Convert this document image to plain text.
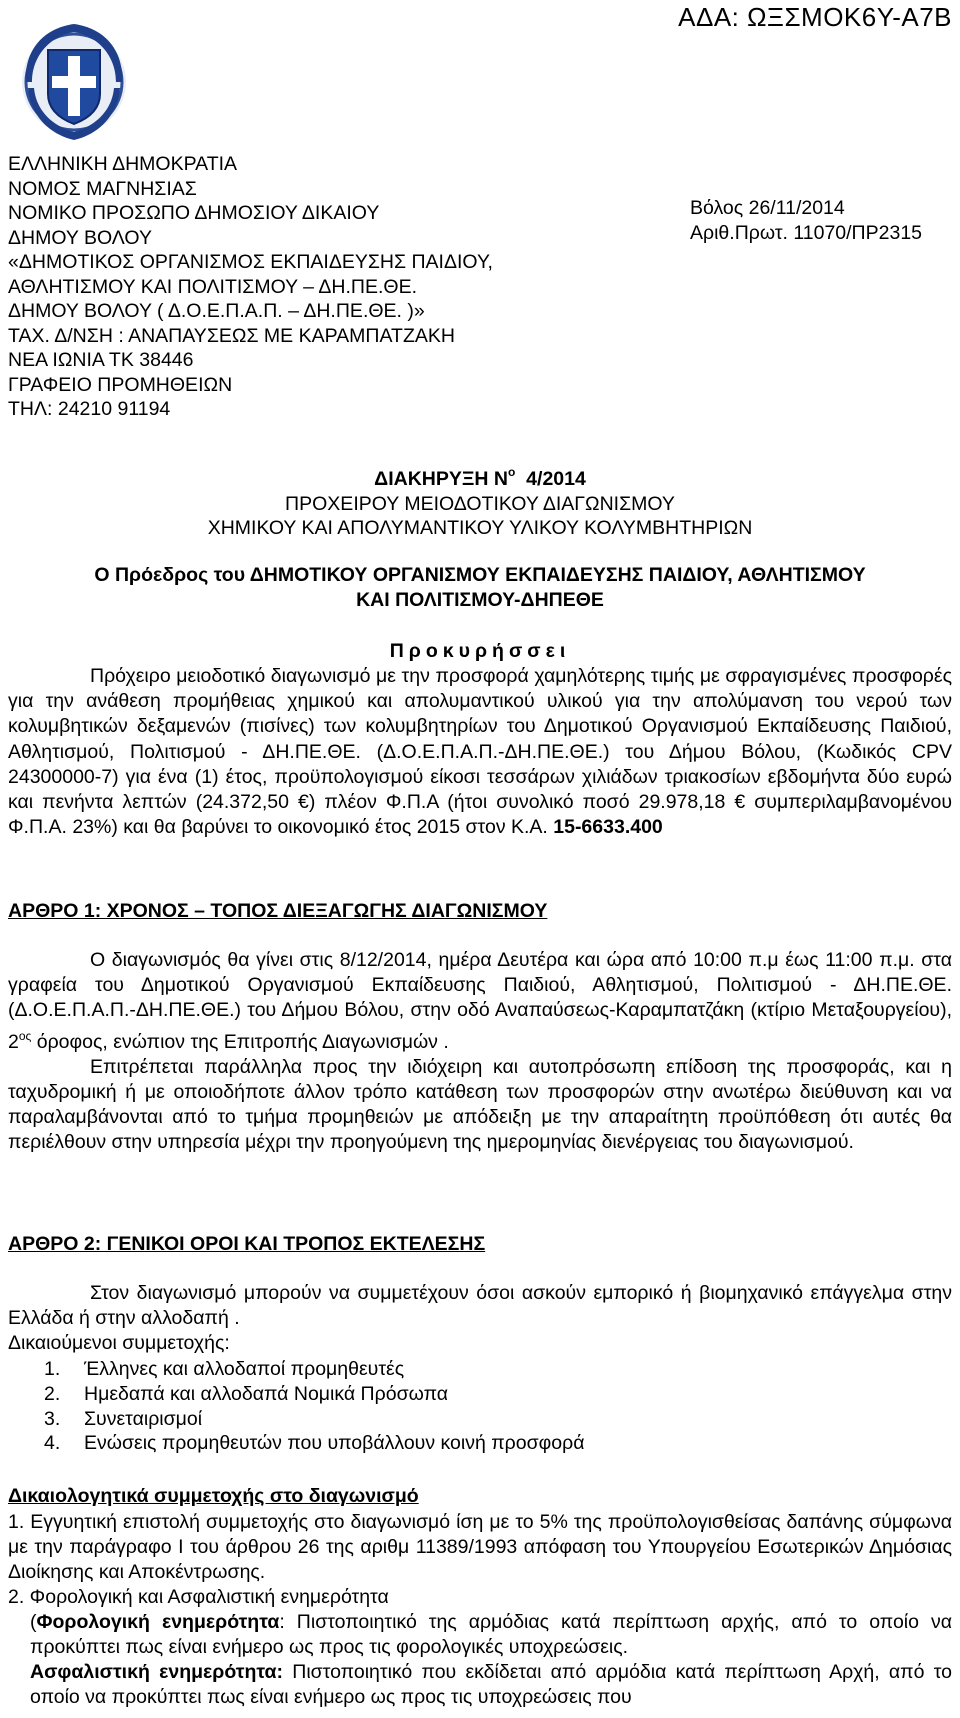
ΑΔΑ: ΩΞΣΜΟΚ6Υ-Α7Β
ΕΛΛΗΝΙΚΗ ΔΗΜΟΚΡΑΤΙΑ
ΝΟΜΟΣ ΜΑΓΝΗΣΙΑΣ
ΝΟΜΙΚΟ ΠΡΟΣΩΠΟ ΔΗΜΟΣΙΟΥ ΔΙΚΑΙΟΥ
ΔΗΜΟΥ ΒΟΛΟΥ
«ΔΗΜΟΤΙΚΟΣ ΟΡΓΑΝΙΣΜΟΣ ΕΚΠΑΙΔΕΥΣΗΣ ΠΑΙΔΙΟΥ,
ΑΘΛΗΤΙΣΜΟΥ ΚΑΙ ΠΟΛΙΤΙΣΜΟΥ – ΔΗ.ΠΕ.ΘΕ.
ΔΗΜΟΥ ΒΟΛΟΥ ( Δ.Ο.Ε.Π.Α.Π. – ΔΗ.ΠΕ.ΘΕ. )»
ΤΑΧ. Δ/ΝΣΗ : ΑΝΑΠΑΥΣΕΩΣ ΜΕ ΚΑΡΑΜΠΑΤΖΑΚΗ
ΝΕΑ ΙΩΝΙΑ ΤΚ 38446
ΓΡΑΦΕΙΟ ΠΡΟΜΗΘΕΙΩΝ
ΤΗΛ: 24210 91194
Βόλος 26/11/2014
Αριθ.Πρωτ. 11070/ΠΡ2315
ΔΙΑΚΗΡΥΞΗ $N^o$  4/2014
ΠΡΟΧΕΙΡΟΥ ΜΕΙΟΔΟΤΙΚΟΥ ΔΙΑΓΩΝΙΣΜΟΥ
ΧΗΜΙΚΟΥ ΚΑΙ ΑΠΟΛΥΜΑΝΤΙΚΟΥ ΥΛΙΚΟΥ ΚΟΛΥΜΒΗΤΗΡΙΩΝ
Ο Πρόεδρος του ΔΗΜΟΤΙΚΟΥ ΟΡΓΑΝΙΣΜΟΥ ΕΚΠΑΙΔΕΥΣΗΣ ΠΑΙΔΙΟΥ, ΑΘΛΗΤΙΣΜΟΥ
ΚΑΙ ΠΟΛΙΤΙΣΜΟΥ-ΔΗΠΕΘΕ
Προκυρήσσει

Πρόχειρο μειοδοτικό διαγωνισμό με την προσφορά χαμηλότερης τιμής με σφραγισμένες προσφορές για την ανάθεση προμήθειας χημικού και απολυμαντικού υλικού για την απολύμανση του νερού των κολυμβητικών δεξαμενών (πισίνες) των κολυμβητηρίων του Δημοτικού Οργανισμού Εκπαίδευσης Παιδιού, Αθλητισμού, Πολιτισμού - ΔΗ.ΠΕ.ΘΕ. (Δ.Ο.Ε.Π.Α.Π.-ΔΗ.ΠΕ.ΘΕ.) του Δήμου Βόλου, (Κωδικός CPV 24300000-7) για ένα (1) έτος, προϋπολογισμού είκοσι τεσσάρων χιλιάδων τριακοσίων εβδομήντα δύο ευρώ και πενήντα λεπτών (24.372,50 €) πλέον Φ.Π.Α (ήτοι συνολικό ποσό 29.978,18 € συμπεριλαμβανομένου Φ.Π.Α. 23%) και θα βαρύνει το οικονομικό έτος 2015 στον Κ.Α. 15-6633.400

ΑΡΘΡΟ 1: ΧΡΟΝΟΣ – ΤΟΠΟΣ ΔΙΕΞΑΓΩΓΗΣ ΔΙΑΓΩΝΙΣΜΟΥ

Ο διαγωνισμός θα γίνει στις 8/12/2014, ημέρα Δευτέρα και ώρα από 10:00 π.μ έως 11:00 π.μ. στα γραφεία του Δημοτικού Οργανισμού Εκπαίδευσης Παιδιού, Αθλητισμού, Πολιτισμού - ΔΗ.ΠΕ.ΘΕ. (Δ.Ο.Ε.Π.Α.Π.-ΔΗ.ΠΕ.ΘΕ.) του Δήμου Βόλου, στην οδό Αναπαύσεως-Καραμπατζάκη (κτίριο Μεταξουργείου), $2^{o\varsigma}$ όροφος, ενώπιον της Επιτροπής Διαγωνισμών .

Επιτρέπεται παράλληλα προς την ιδιόχειρη και αυτοπρόσωπη επίδοση της προσφοράς, και η ταχυδρομική ή με οποιοδήποτε άλλον τρόπο κατάθεση των προσφορών στην ανωτέρω διεύθυνση και να παραλαμβάνονται από το τμήμα προμηθειών με απόδειξη με την απαραίτητη προϋπόθεση ότι αυτές θα περιέλθουν στην υπηρεσία μέχρι την προηγούμενη της ημερομηνίας διενέργειας του διαγωνισμού.

ΑΡΘΡΟ 2: ΓΕΝΙΚΟΙ ΟΡΟΙ ΚΑΙ ΤΡΟΠΟΣ ΕΚΤΕΛΕΣΗΣ

Στον διαγωνισμό μπορούν να συμμετέχουν όσοι ασκούν εμπορικό ή βιομηχανικό επάγγελμα στην Ελλάδα ή στην αλλοδαπή .

Δικαιούμενοι συμμετοχής:

1. Έλληνες και αλλοδαποί προμηθευτές
2. Ημεδαπά και αλλοδαπά Νομικά Πρόσωπα
3. Συνεταιρισμοί
4. Ενώσεις προμηθευτών που υποβάλλουν κοινή προσφορά
Δικαιολογητικά συμμετοχής στο διαγωνισμό

1. Εγγυητική επιστολή συμμετοχής στο διαγωνισμό ίση με το 5% της προϋπολογισθείσας δαπάνης σύμφωνα με την παράγραφο Ι του άρθρου 26 της αριθμ 11389/1993 απόφαση του Υπουργείου Εσωτερικών Δημόσιας Διοίκησης και Αποκέντρωσης.

2. Φορολογική και Ασφαλιστική ενημερότητα

(Φορολογική ενημερότητα: Πιστοποιητικό της αρμόδιας κατά περίπτωση αρχής, από το οποίο να προκύπτει πως είναι ενήμερο ως προς τις φορολογικές υποχρεώσεις.

Ασφαλιστική ενημερότητα: Πιστοποιητικό που εκδίδεται από αρμόδια κατά περίπτωση Αρχή, από το οποίο να προκύπτει πως είναι ενήμερο ως προς τις υποχρεώσεις που
